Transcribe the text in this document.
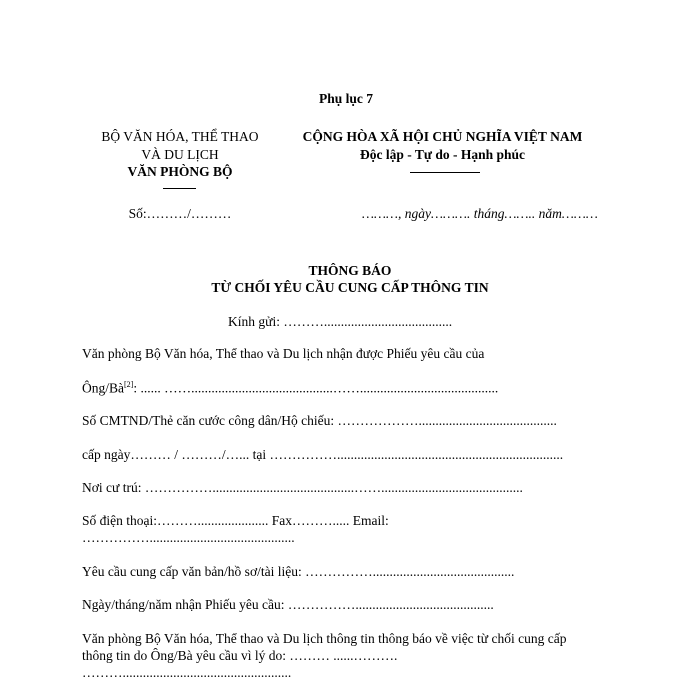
Phụ lục 7
BỘ VĂN HÓA, THỂ THAO
VÀ DU LỊCH
VĂN PHÒNG BỘ
Số:………/………
CỘNG HÒA XÃ HỘI CHỦ NGHĨA VIỆT NAM
Độc lập - Tự do - Hạnh phúc
………, ngày………. tháng…….. năm………
THÔNG BÁO
TỪ CHỐI YÊU CẦU CUNG CẤP THÔNG TIN
Kính gửi: ………......................................
Văn phòng Bộ Văn hóa, Thể thao và Du lịch nhận được Phiếu yêu cầu của
Ông/Bà[2]: ...... ……..........................................…….........................................
Số CMTND/Thẻ căn cước công dân/Hộ chiếu: ……………….........................................
cấp ngày……… / ………/…... tại ……………...................................................................
Nơi cư trú: ……………..........................................……..........................................
Số điện thoại:………..................... Fax………..... Email:
……………...........................................
Yêu cầu cung cấp văn bản/hồ sơ/tài liệu: ……………..........................................
Ngày/tháng/năm nhận Phiếu yêu cầu: …………….........................................
Văn phòng Bộ Văn hóa, Thể thao và Du lịch thông tin thông báo về việc từ chối cung cấp
thông tin do Ông/Bà yêu cầu vì lý do: ……… ......……….
………..................................................
